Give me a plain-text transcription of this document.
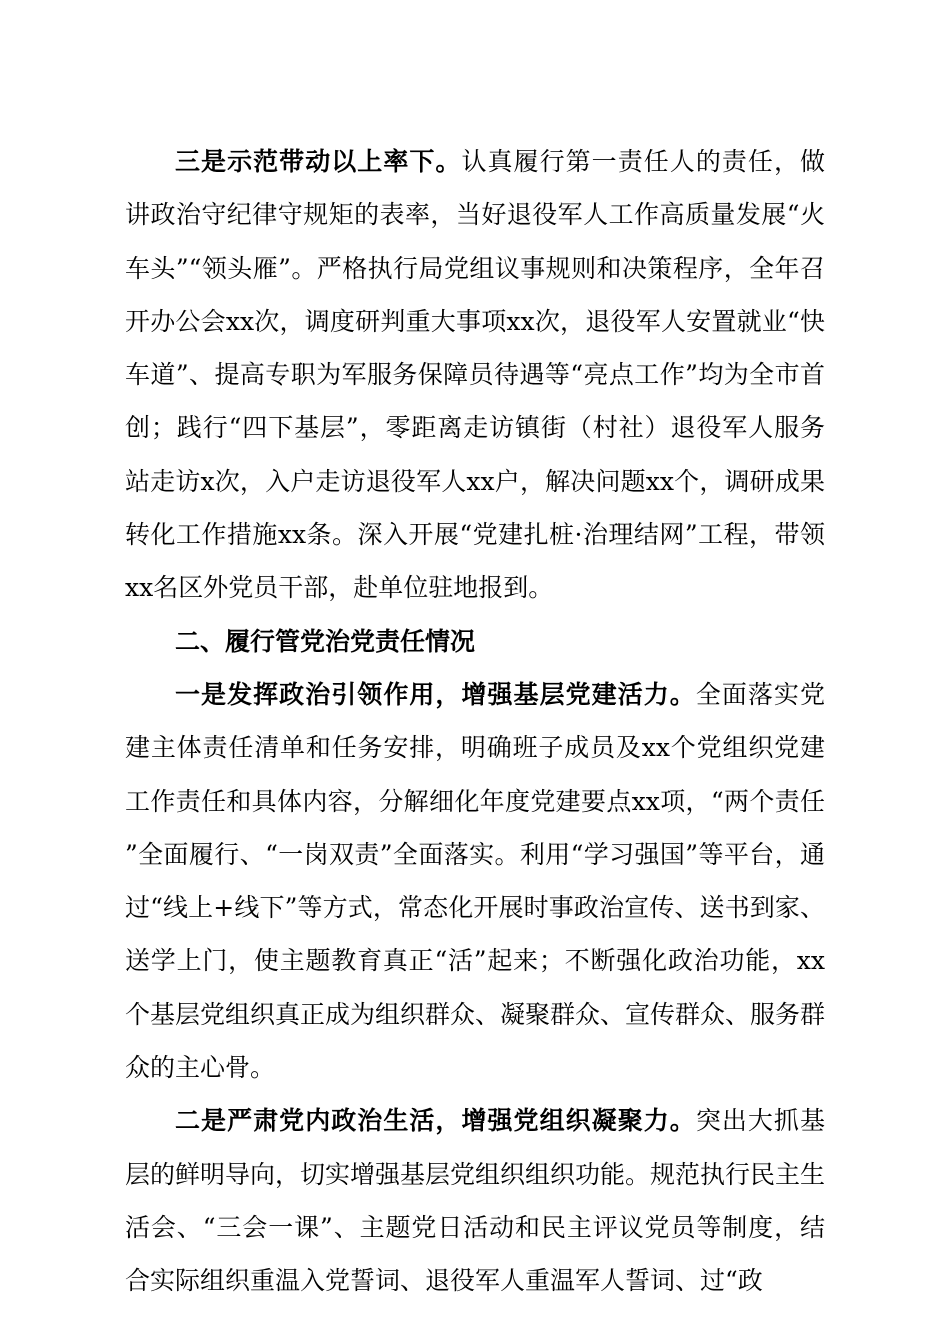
三是示范带动以上率下。认真履行第一责任人的责任，做讲政治守纪律守规矩的表率，当好退役军人工作高质量发展“火车头”“领头雁”。严格执行局党组议事规则和决策程序，全年召开办公会xx次，调度研判重大事项xx次，退役军人安置就业“快车道”、提高专职为军服务保障员待遇等“亮点工作”均为全市首创；践行“四下基层”，零距离走访镇街（村社）退役军人服务站走访x次，入户走访退役军人xx户，解决问题xx个，调研成果转化工作措施xx条。深入开展“党建扎桩·治理结网”工程，带领xx名区外党员干部，赴单位驻地报到。

二、履行管党治党责任情况

一是发挥政治引领作用，增强基层党建活力。全面落实党建主体责任清单和任务安排，明确班子成员及xx个党组织党建工作责任和具体内容，分解细化年度党建要点xx项，“两个责任”全面履行、“一岗双责”全面落实。利用“学习强国”等平台，通过“线上+线下”等方式，常态化开展时事政治宣传、送书到家、送学上门，使主题教育真正“活”起来；不断强化政治功能，xx个基层党组织真正成为组织群众、凝聚群众、宣传群众、服务群众的主心骨。

二是严肃党内政治生活，增强党组织凝聚力。突出大抓基层的鲜明导向，切实增强基层党组织组织功能。规范执行民主生活会、“三会一课”、主题党日活动和民主评议党员等制度，结合实际组织重温入党誓词、退役军人重温军人誓词、过“政
